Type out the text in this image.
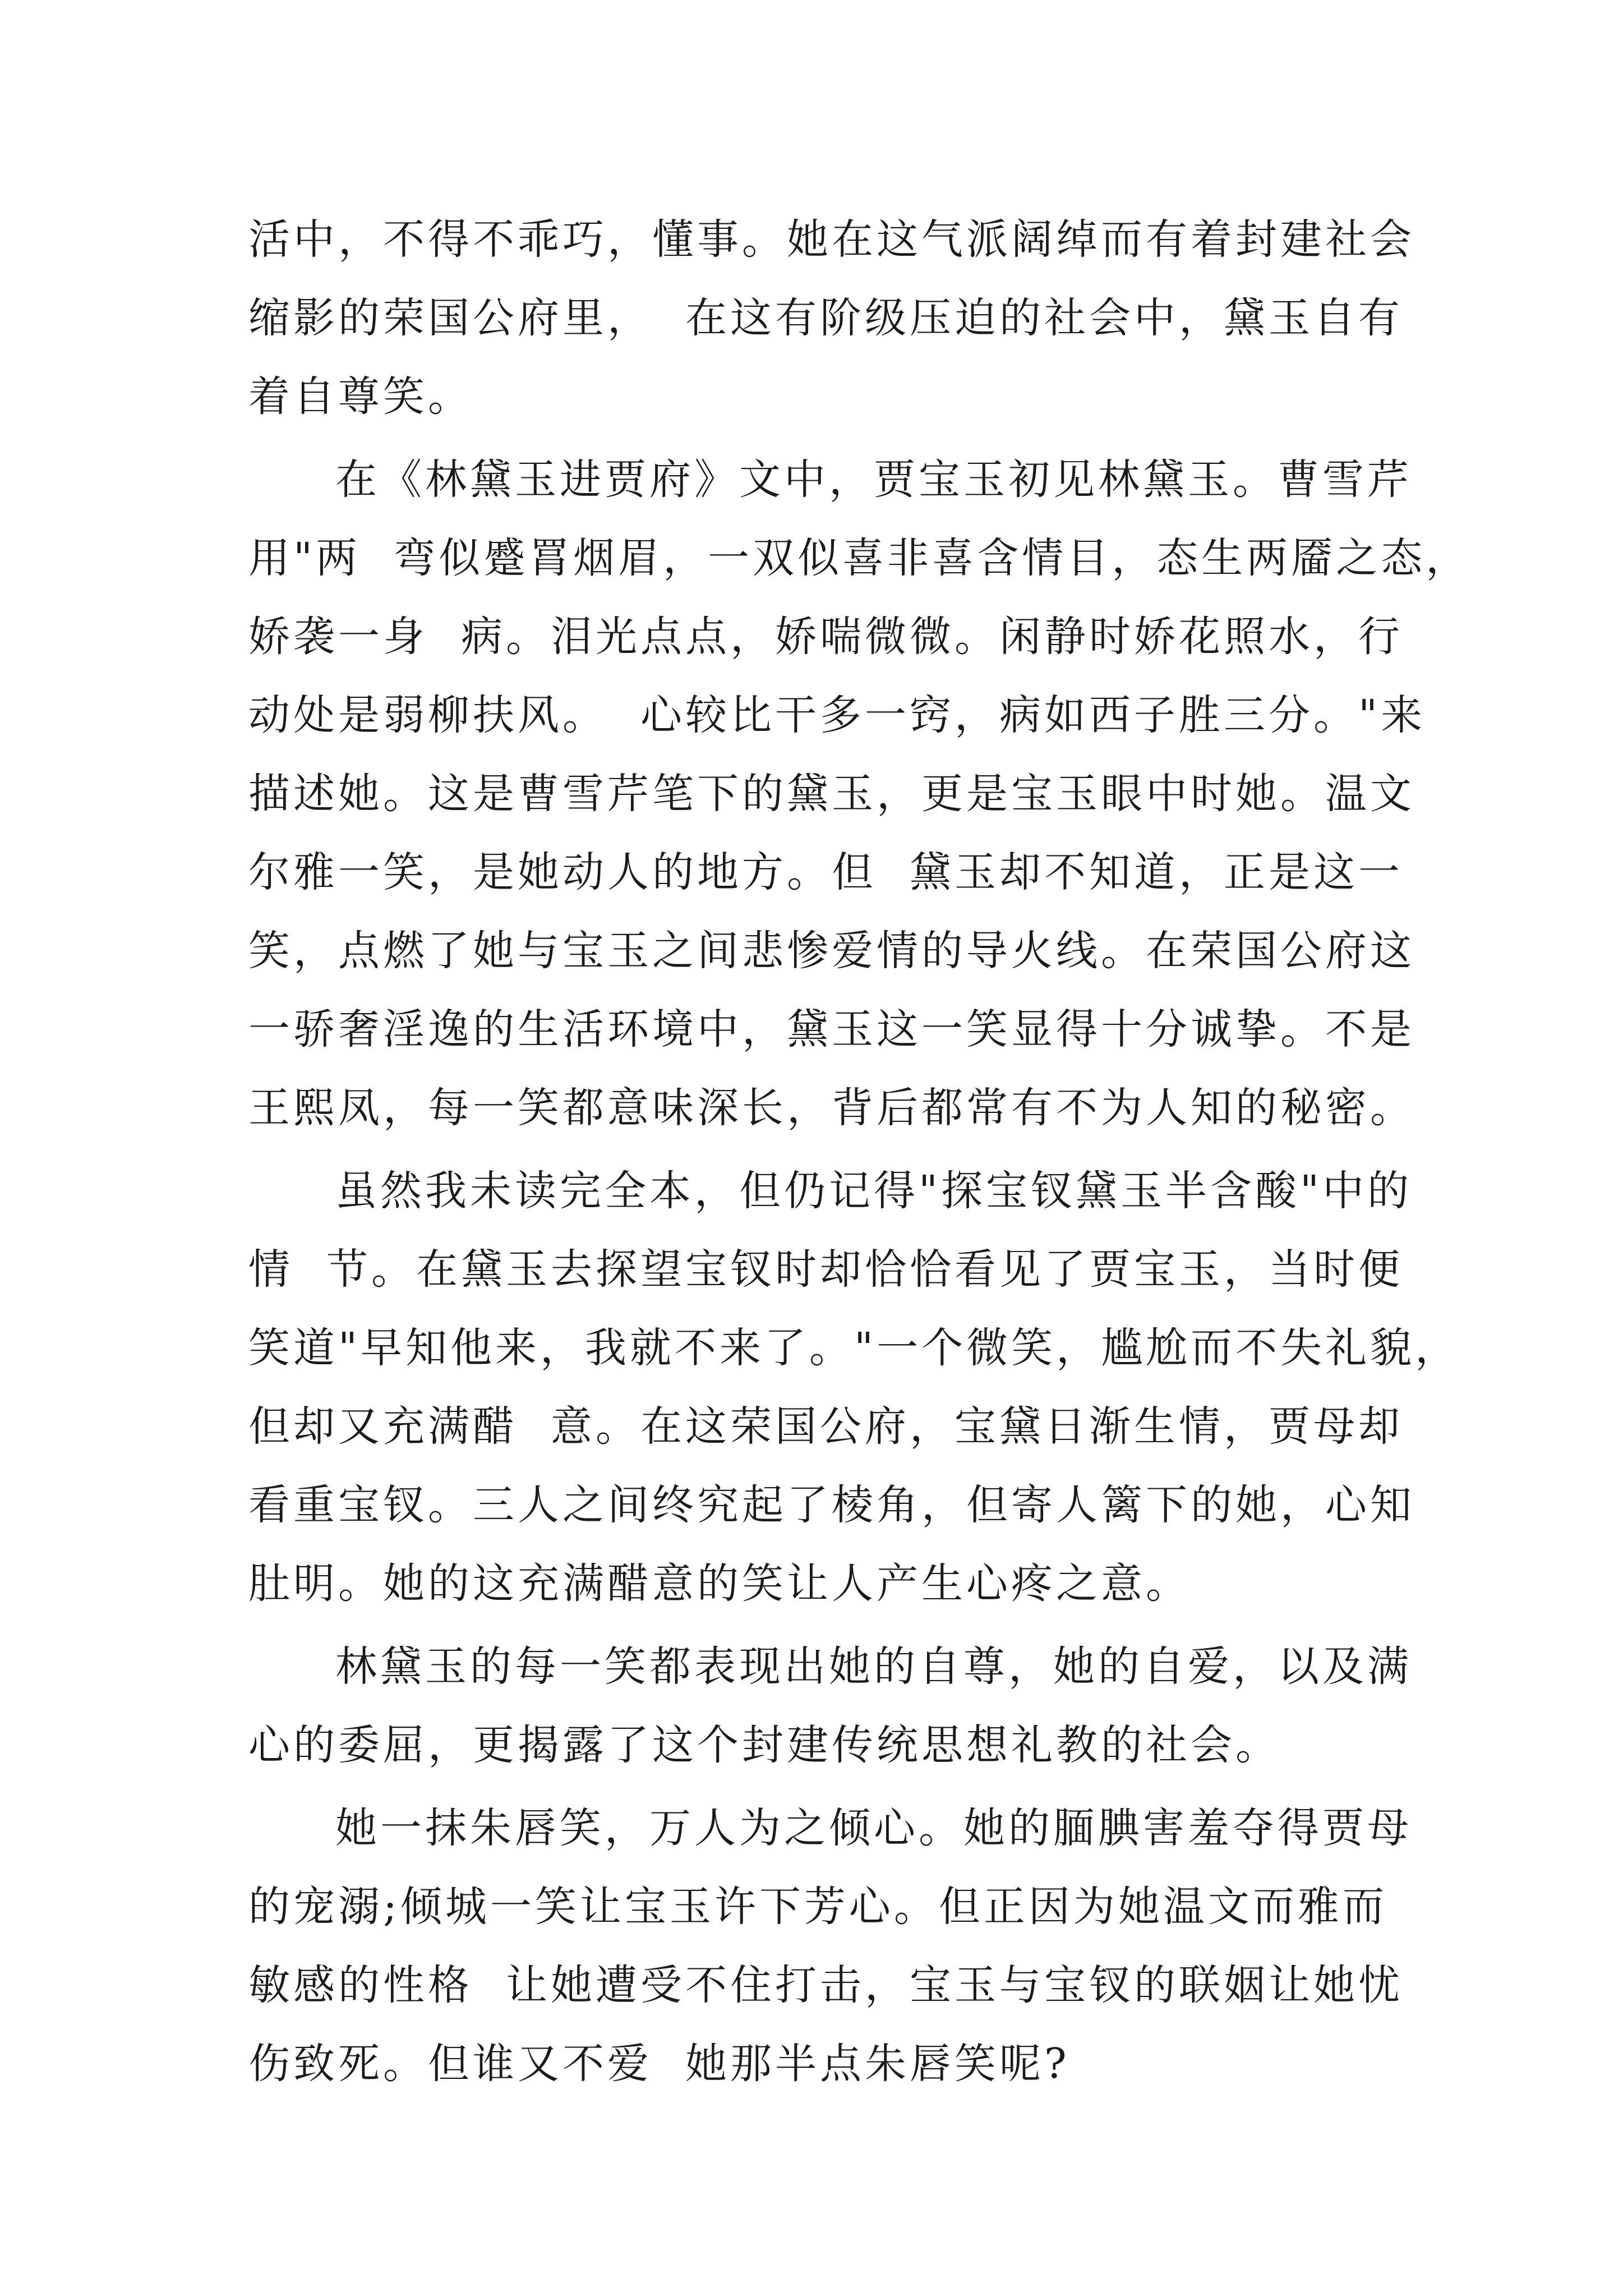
活中，不得不乖巧，懂事。她在这气派阔绰而有着封建社会
缩影的荣国公府里，  在这有阶级压迫的社会中，黛玉自有
着自尊笑。
在《林黛玉进贾府》文中，贾宝玉初见林黛玉。曹雪芹
用"两  弯似蹙罥烟眉，一双似喜非喜含情目，态生两靥之态，
娇袭一身  病。泪光点点，娇喘微微。闲静时娇花照水，行
动处是弱柳扶风。  心较比干多一窍，病如西子胜三分。"来
描述她。这是曹雪芹笔下的黛玉，更是宝玉眼中时她。温文
尔雅一笑，是她动人的地方。但  黛玉却不知道，正是这一
笑，点燃了她与宝玉之间悲惨爱情的导火线。在荣国公府这
一骄奢淫逸的生活环境中，黛玉这一笑显得十分诚挚。不是
王熙凤，每一笑都意味深长，背后都常有不为人知的秘密。
虽然我未读完全本，但仍记得"探宝钗黛玉半含酸"中的
情  节。在黛玉去探望宝钗时却恰恰看见了贾宝玉，当时便
笑道"早知他来，我就不来了。"一个微笑，尴尬而不失礼貌，
但却又充满醋  意。在这荣国公府，宝黛日渐生情，贾母却
看重宝钗。三人之间终究起了棱角，但寄人篱下的她，心知
肚明。她的这充满醋意的笑让人产生心疼之意。
林黛玉的每一笑都表现出她的自尊，她的自爱，以及满
心的委屈，更揭露了这个封建传统思想礼教的社会。
她一抹朱唇笑，万人为之倾心。她的腼腆害羞夺得贾母
的宠溺;倾城一笑让宝玉许下芳心。但正因为她温文而雅而
敏感的性格  让她遭受不住打击，宝玉与宝钗的联姻让她忧
伤致死。但谁又不爱  她那半点朱唇笑呢?
